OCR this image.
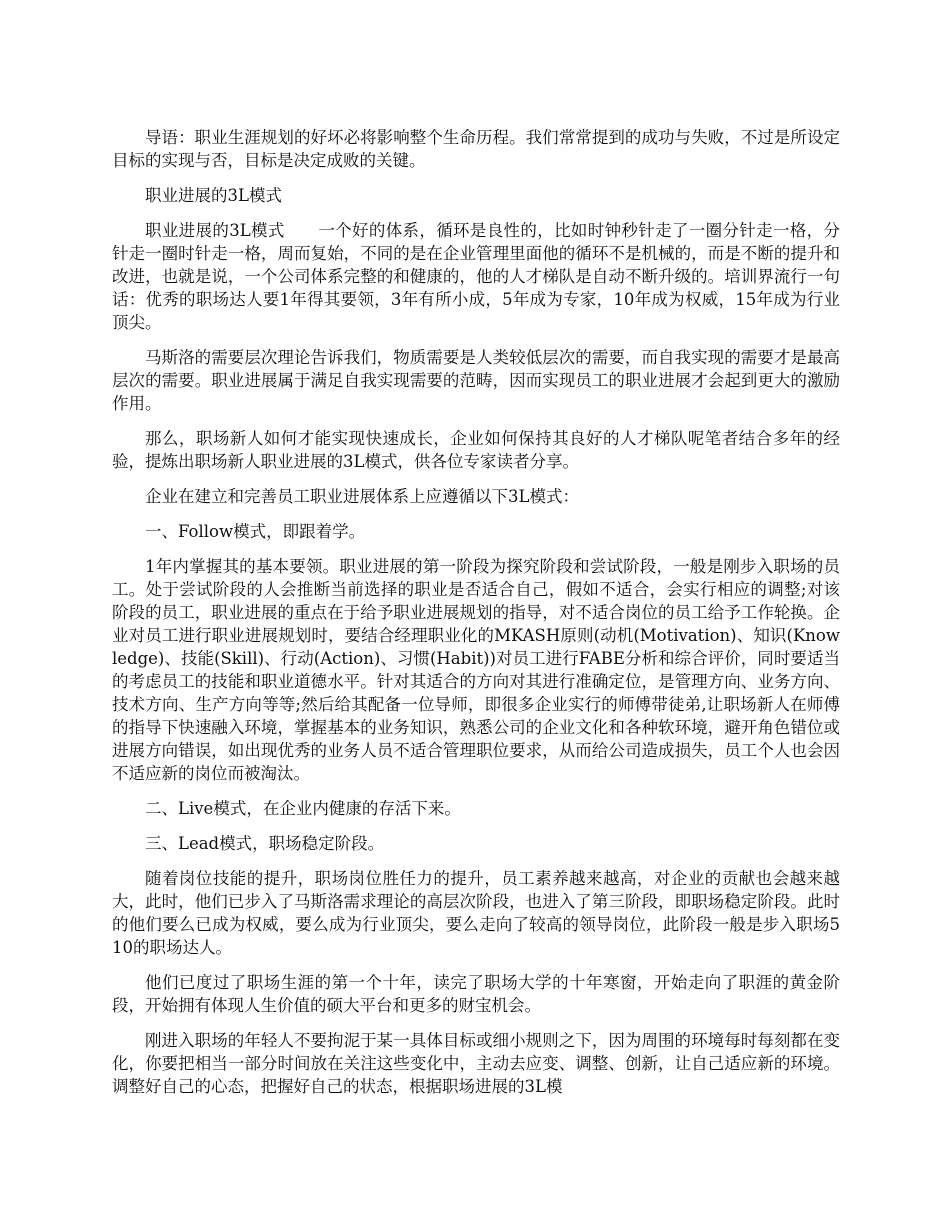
导语：职业生涯规划的好坏必将影响整个生命历程。我们常常提到的成功与失败，不过是所设定目标的实现与否，目标是决定成败的关键。

职业进展的3L模式

职业进展的3L模式　　一个好的体系，循环是良性的，比如时钟秒针走了一圈分针走一格，分针走一圈时针走一格，周而复始，不同的是在企业管理里面他的循环不是机械的，而是不断的提升和改进，也就是说，一个公司体系完整的和健康的，他的人才梯队是自动不断升级的。培训界流行一句话：优秀的职场达人要1年得其要领，3年有所小成，5年成为专家，10年成为权威，15年成为行业顶尖。

马斯洛的需要层次理论告诉我们，物质需要是人类较低层次的需要，而自我实现的需要才是最高层次的需要。职业进展属于满足自我实现需要的范畴，因而实现员工的职业进展才会起到更大的激励作用。

那么，职场新人如何才能实现快速成长，企业如何保持其良好的人才梯队呢笔者结合多年的经验，提炼出职场新人职业进展的3L模式，供各位专家读者分享。

企业在建立和完善员工职业进展体系上应遵循以下3L模式：

一、Follow模式，即跟着学。

1年内掌握其的基本要领。职业进展的第一阶段为探究阶段和尝试阶段，一般是刚步入职场的员工。处于尝试阶段的人会推断当前选择的职业是否适合自己，假如不适合，会实行相应的调整;对该阶段的员工，职业进展的重点在于给予职业进展规划的指导，对不适合岗位的员工给予工作轮换。企业对员工进行职业进展规划时，要结合经理职业化的MKASH原则(动机(Motivation)、知识(Knowledge)、技能(Skill)、行动(Action)、习惯(Habit))对员工进行FABE分析和综合评价，同时要适当的考虑员工的技能和职业道德水平。针对其适合的方向对其进行准确定位，是管理方向、业务方向、技术方向、生产方向等等;然后给其配备一位导师，即很多企业实行的师傅带徒弟,让职场新人在师傅的指导下快速融入环境，掌握基本的业务知识，熟悉公司的企业文化和各种软环境，避开角色错位或进展方向错误，如出现优秀的业务人员不适合管理职位要求，从而给公司造成损失，员工个人也会因不适应新的岗位而被淘汰。

二、Live模式，在企业内健康的存活下来。

三、Lead模式，职场稳定阶段。

随着岗位技能的提升，职场岗位胜任力的提升，员工素养越来越高，对企业的贡献也会越来越大，此时，他们已步入了马斯洛需求理论的高层次阶段，也进入了第三阶段，即职场稳定阶段。此时的他们要么已成为权威，要么成为行业顶尖，要么走向了较高的领导岗位，此阶段一般是步入职场510的职场达人。

他们已度过了职场生涯的第一个十年，读完了职场大学的十年寒窗，开始走向了职涯的黄金阶段，开始拥有体现人生价值的硕大平台和更多的财宝机会。

刚进入职场的年轻人不要拘泥于某一具体目标或细小规则之下，因为周围的环境每时每刻都在变化，你要把相当一部分时间放在关注这些变化中，主动去应变、调整、创新，让自己适应新的环境。调整好自己的心态，把握好自己的状态，根据职场进展的3L模
